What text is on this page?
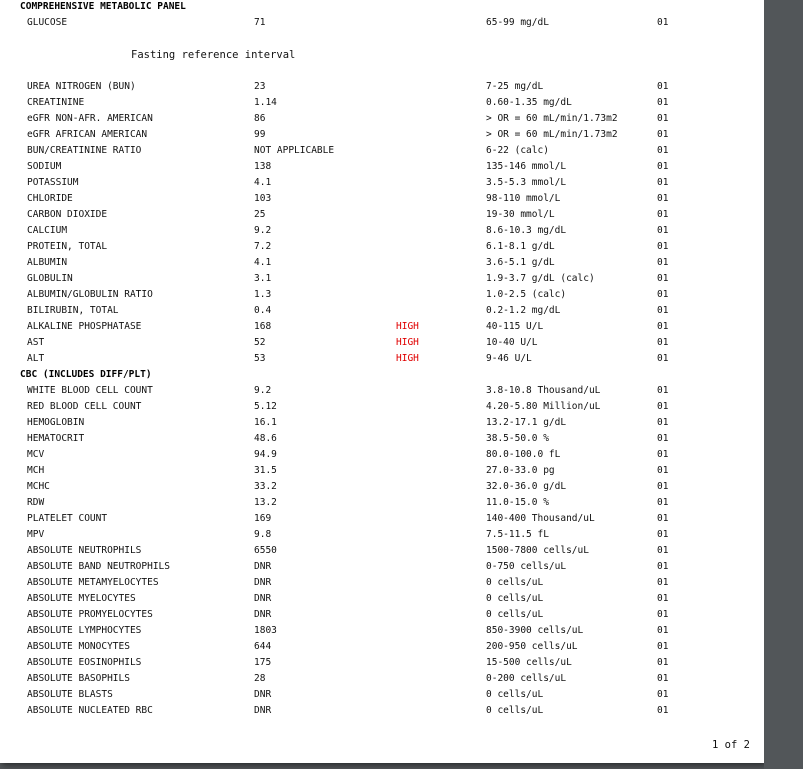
COMPREHENSIVE METABOLIC PANEL
GLUCOSE	71	65-99 mg/dL	01
Fasting reference interval
UREA NITROGEN (BUN)	23	7-25 mg/dL	01
CREATININE	1.14	0.60-1.35 mg/dL	01
eGFR NON-AFR. AMERICAN	86	> OR = 60 mL/min/1.73m2	01
eGFR AFRICAN AMERICAN	99	> OR = 60 mL/min/1.73m2	01
BUN/CREATININE RATIO	NOT APPLICABLE	6-22 (calc)	01
SODIUM	138	135-146 mmol/L	01
POTASSIUM	4.1	3.5-5.3 mmol/L	01
CHLORIDE	103	98-110 mmol/L	01
CARBON DIOXIDE	25	19-30 mmol/L	01
CALCIUM	9.2	8.6-10.3 mg/dL	01
PROTEIN, TOTAL	7.2	6.1-8.1 g/dL	01
ALBUMIN	4.1	3.6-5.1 g/dL	01
GLOBULIN	3.1	1.9-3.7 g/dL (calc)	01
ALBUMIN/GLOBULIN RATIO	1.3	1.0-2.5 (calc)	01
BILIRUBIN, TOTAL	0.4	0.2-1.2 mg/dL	01
ALKALINE PHOSPHATASE	168	HIGH	40-115 U/L	01
AST	52	HIGH	10-40 U/L	01
ALT	53	HIGH	9-46 U/L	01
CBC (INCLUDES DIFF/PLT)
WHITE BLOOD CELL COUNT	9.2	3.8-10.8 Thousand/uL	01
RED BLOOD CELL COUNT	5.12	4.20-5.80 Million/uL	01
HEMOGLOBIN	16.1	13.2-17.1 g/dL	01
HEMATOCRIT	48.6	38.5-50.0 %	01
MCV	94.9	80.0-100.0 fL	01
MCH	31.5	27.0-33.0 pg	01
MCHC	33.2	32.0-36.0 g/dL	01
RDW	13.2	11.0-15.0 %	01
PLATELET COUNT	169	140-400 Thousand/uL	01
MPV	9.8	7.5-11.5 fL	01
ABSOLUTE NEUTROPHILS	6550	1500-7800 cells/uL	01
ABSOLUTE BAND NEUTROPHILS	DNR	0-750 cells/uL	01
ABSOLUTE METAMYELOCYTES	DNR	0 cells/uL	01
ABSOLUTE MYELOCYTES	DNR	0 cells/uL	01
ABSOLUTE PROMYELOCYTES	DNR	0 cells/uL	01
ABSOLUTE LYMPHOCYTES	1803	850-3900 cells/uL	01
ABSOLUTE MONOCYTES	644	200-950 cells/uL	01
ABSOLUTE EOSINOPHILS	175	15-500 cells/uL	01
ABSOLUTE BASOPHILS	28	0-200 cells/uL	01
ABSOLUTE BLASTS	DNR	0 cells/uL	01
ABSOLUTE NUCLEATED RBC	DNR	0 cells/uL	01
1 of 2
